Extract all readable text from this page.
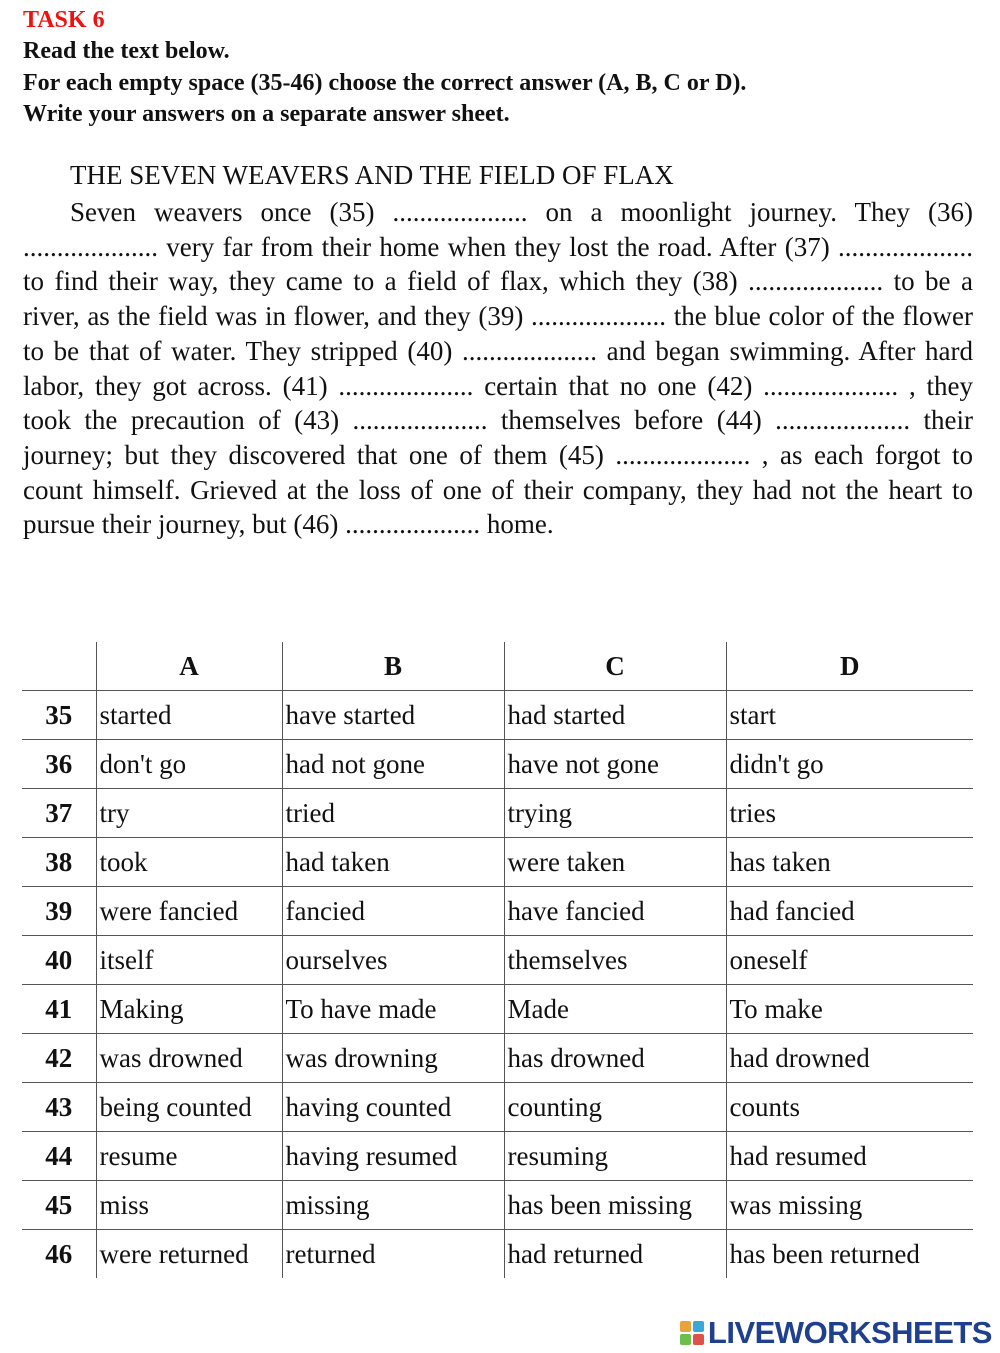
TASK 6

Read the text below.

For each empty space (35-46) choose the correct answer (A, B, C or D).

Write your answers on a separate answer sheet.

THE SEVEN WEAVERS AND THE FIELD OF FLAX

Seven weavers once (35) .................... on a moonlight journey. They (36) .................... very far from their home when they lost the road. After (37) .................... to find their way, they came to a field of flax, which they (38) .................... to be a river, as the field was in flower, and they (39) .................... the blue color of the flower to be that of water. They stripped (40) .................... and began swimming. After hard labor, they got across. (41) .................... certain that no one (42) .................... , they took the precaution of (43) .................... themselves before (44) .................... their journey; but they discovered that one of them (45) .................... , as each forgot to count himself. Grieved at the loss of one of their company, they had not the heart to pursue their journey, but (46) .................... home.

	A	B	C	D
35	started	have started	had started	start
36	don't go	had not gone	have not gone	didn't go
37	try	tried	trying	tries
38	took	had taken	were taken	has taken
39	were fancied	fancied	have fancied	had fancied
40	itself	ourselves	themselves	oneself
41	Making	To have made	Made	To make
42	was drowned	was drowning	has drowned	had drowned
43	being counted	having counted	counting	counts
44	resume	having resumed	resuming	had resumed
45	miss	missing	has been missing	was missing
46	were returned	returned	had returned	has been returned
LIVEWORKSHEETS
